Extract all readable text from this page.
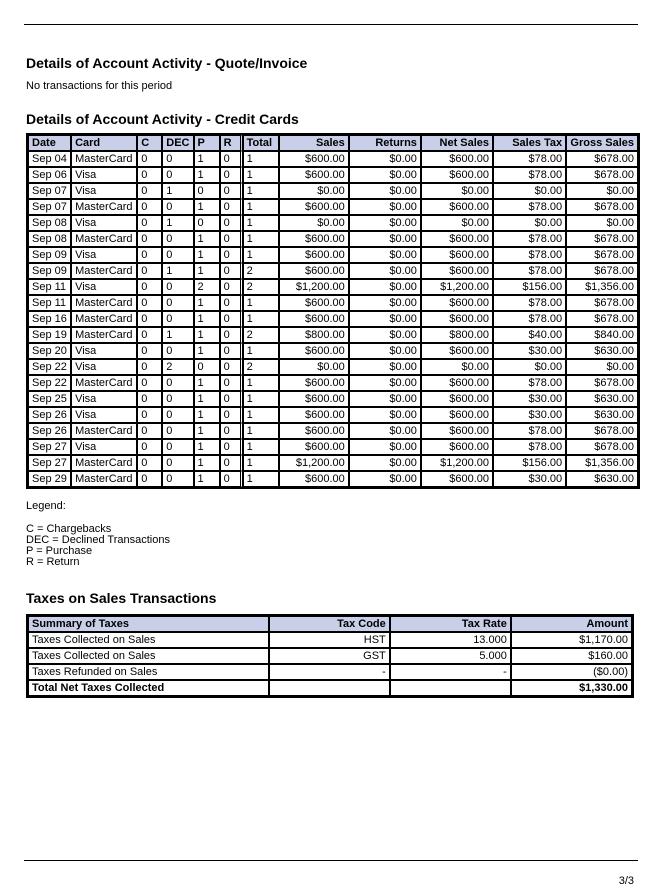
Details of Account Activity - Quote/Invoice

No transactions for this period

Details of Account Activity - Credit Cards
Date	Card	C	DEC	P	R	Total	Sales	Returns	Net Sales	Sales Tax	Gross Sales
Sep 04	MasterCard	0	0	1	0	1	$600.00	$0.00	$600.00	$78.00	$678.00
Sep 06	Visa	0	0	1	0	1	$600.00	$0.00	$600.00	$78.00	$678.00
Sep 07	Visa	0	1	0	0	1	$0.00	$0.00	$0.00	$0.00	$0.00
Sep 07	MasterCard	0	0	1	0	1	$600.00	$0.00	$600.00	$78.00	$678.00
Sep 08	Visa	0	1	0	0	1	$0.00	$0.00	$0.00	$0.00	$0.00
Sep 08	MasterCard	0	0	1	0	1	$600.00	$0.00	$600.00	$78.00	$678.00
Sep 09	Visa	0	0	1	0	1	$600.00	$0.00	$600.00	$78.00	$678.00
Sep 09	MasterCard	0	1	1	0	2	$600.00	$0.00	$600.00	$78.00	$678.00
Sep 11	Visa	0	0	2	0	2	$1,200.00	$0.00	$1,200.00	$156.00	$1,356.00
Sep 11	MasterCard	0	0	1	0	1	$600.00	$0.00	$600.00	$78.00	$678.00
Sep 16	MasterCard	0	0	1	0	1	$600.00	$0.00	$600.00	$78.00	$678.00
Sep 19	MasterCard	0	1	1	0	2	$800.00	$0.00	$800.00	$40.00	$840.00
Sep 20	Visa	0	0	1	0	1	$600.00	$0.00	$600.00	$30.00	$630.00
Sep 22	Visa	0	2	0	0	2	$0.00	$0.00	$0.00	$0.00	$0.00
Sep 22	MasterCard	0	0	1	0	1	$600.00	$0.00	$600.00	$78.00	$678.00
Sep 25	Visa	0	0	1	0	1	$600.00	$0.00	$600.00	$30.00	$630.00
Sep 26	Visa	0	0	1	0	1	$600.00	$0.00	$600.00	$30.00	$630.00
Sep 26	MasterCard	0	0	1	0	1	$600.00	$0.00	$600.00	$78.00	$678.00
Sep 27	Visa	0	0	1	0	1	$600.00	$0.00	$600.00	$78.00	$678.00
Sep 27	MasterCard	0	0	1	0	1	$1,200.00	$0.00	$1,200.00	$156.00	$1,356.00
Sep 29	MasterCard	0	0	1	0	1	$600.00	$0.00	$600.00	$30.00	$630.00
Legend:
C = Chargebacks
DEC = Declined Transactions
P = Purchase
R = Return
Taxes on Sales Transactions
Summary of Taxes	Tax Code	Tax Rate	Amount
Taxes Collected on Sales	HST	13.000	$1,170.00
Taxes Collected on Sales	GST	5.000	$160.00
Taxes Refunded on Sales	-	-	($0.00)
Total Net Taxes Collected			$1,330.00
3/3
